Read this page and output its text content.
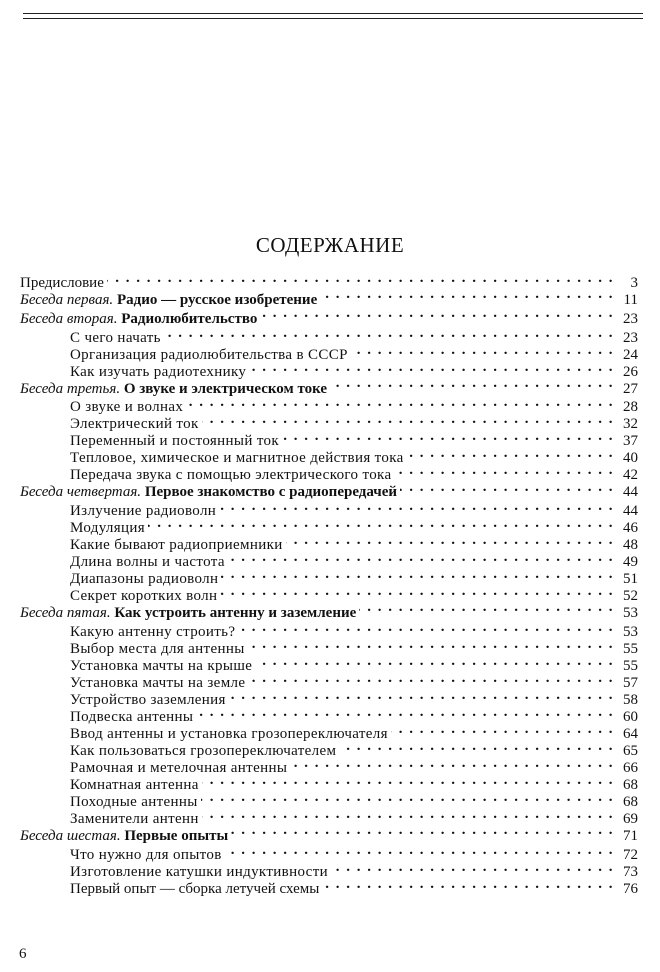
СОДЕРЖАНИЕ
Предисловие . . .	3
Беседа первая. Радио — русское изобретение . . .	11
Беседа вторая. Радиолюбительство . . .	23
С чего начать . . .	23
Организация радиолюбительства в СССР . . .	24
Как изучать радиотехнику . . .	26
Беседа третья. О звуке и электрическом токе . . .	27
О звуке и волнах . . .	28
Электрический ток . . .	32
Переменный и постоянный ток . . .	37
Тепловое, химическое и магнитное действия тока . . .	40
Передача звука с помощью электрического тока . . .	42
Беседа четвертая. Первое знакомство с радиопередачей . . .	44
Излучение радиоволн . . .	44
Модуляция . . .	46
Какие бывают радиоприемники . . .	48
Длина волны и частота . . .	49
Диапазоны радиоволн . . .	51
Секрет коротких волн . . .	52
Беседа пятая. Как устроить антенну и заземление . . .	53
Какую антенну строить? . . .	53
Выбор места для антенны . . .	55
Установка мачты на крыше . . .	55
Установка мачты на земле . . .	57
Устройство заземления . . .	58
Подвеска антенны . . .	60
Ввод антенны и установка грозопереключателя . . .	64
Как пользоваться грозопереключателем . . .	65
Рамочная и метелочная антенны . . .	66
Комнатная антенна . . .	68
Походные антенны . . .	68
Заменители антенн . . .	69
Беседа шестая. Первые опыты . . .	71
Что нужно для опытов . . .	72
Изготовление катушки индуктивности . . .	73
Первый опыт — сборка летучей схемы . . .	76
6
